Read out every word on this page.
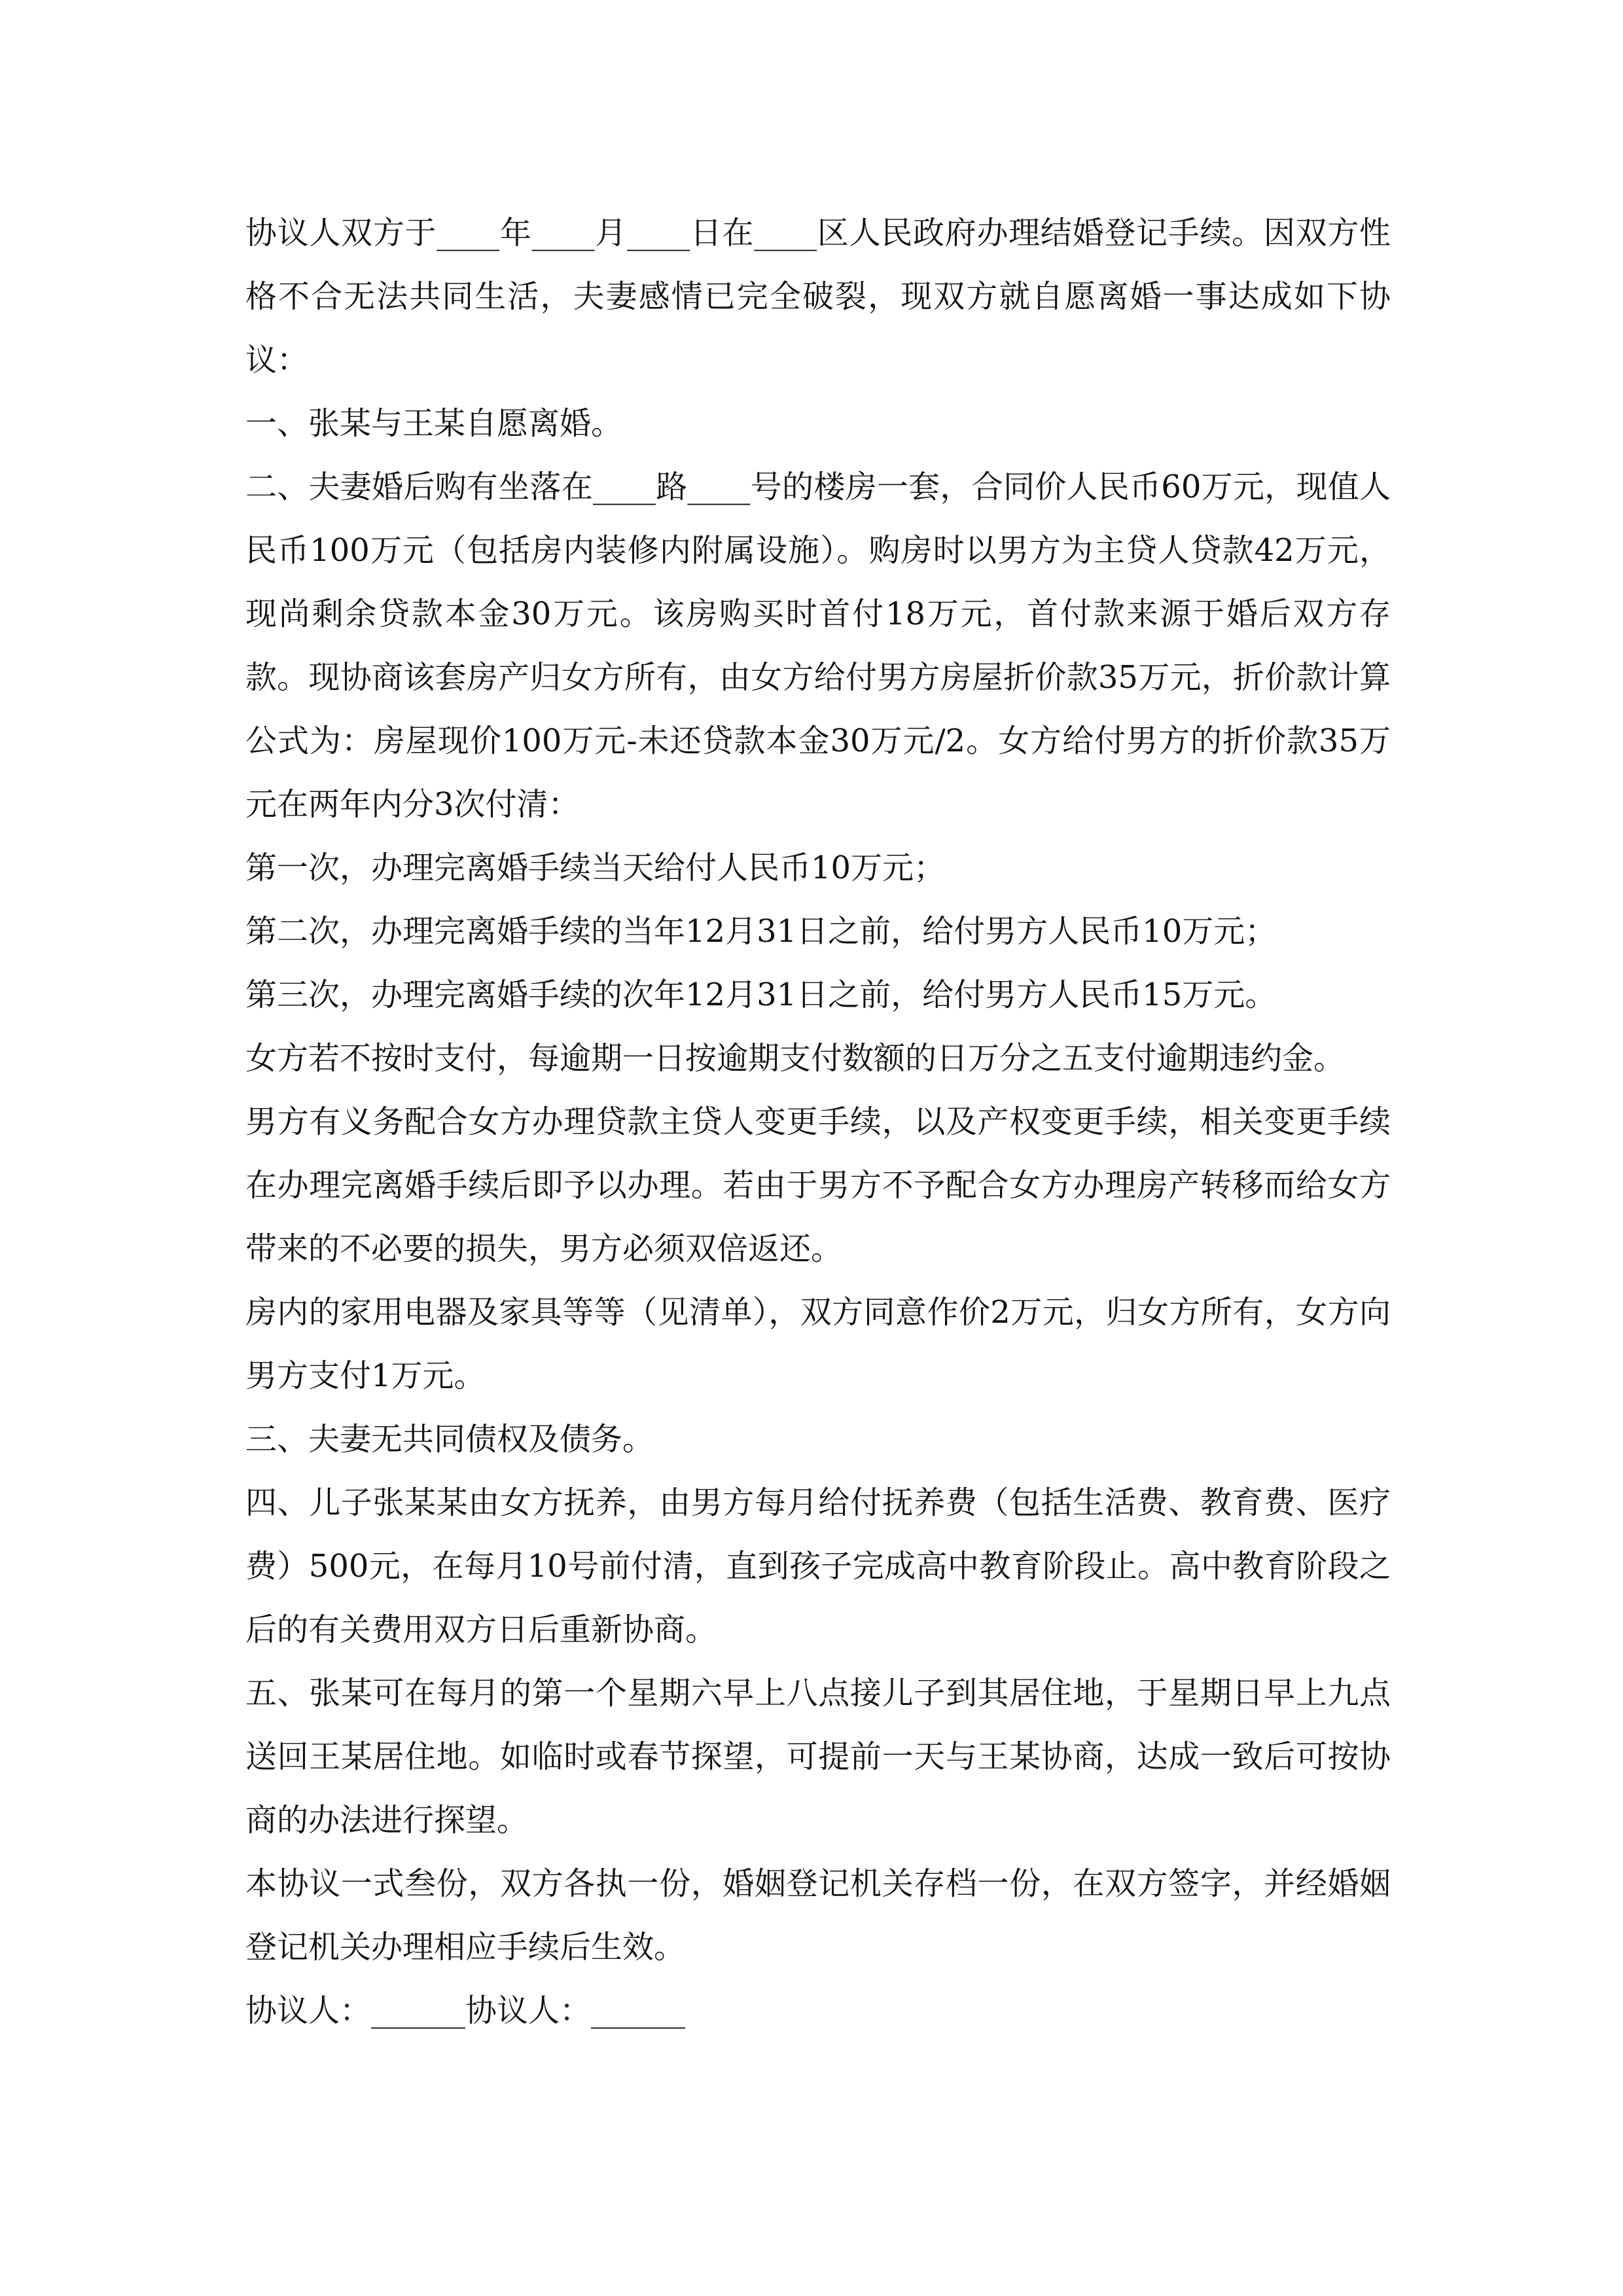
协议人双方于____年____月____日在____区人民政府办理结婚登记手续。因双方性格不合无法共同生活，夫妻感情已完全破裂，现双方就自愿离婚一事达成如下协议：

一、张某与王某自愿离婚。

二、夫妻婚后购有坐落在____路____号的楼房一套，合同价人民币60万元，现值人民币100万元（包括房内装修内附属设施）。购房时以男方为主贷人贷款42万元，现尚剩余贷款本金30万元。该房购买时首付18万元，首付款来源于婚后双方存款。现协商该套房产归女方所有，由女方给付男方房屋折价款35万元，折价款计算公式为：房屋现价100万元-未还贷款本金30万元/2。女方给付男方的折价款35万元在两年内分3次付清：

第一次，办理完离婚手续当天给付人民币10万元；

第二次，办理完离婚手续的当年12月31日之前，给付男方人民币10万元；

第三次，办理完离婚手续的次年12月31日之前，给付男方人民币15万元。

女方若不按时支付，每逾期一日按逾期支付数额的日万分之五支付逾期违约金。

男方有义务配合女方办理贷款主贷人变更手续，以及产权变更手续，相关变更手续在办理完离婚手续后即予以办理。若由于男方不予配合女方办理房产转移而给女方带来的不必要的损失，男方必须双倍返还。

房内的家用电器及家具等等（见清单），双方同意作价2万元，归女方所有，女方向男方支付1万元。

三、夫妻无共同债权及债务。

四、儿子张某某由女方抚养，由男方每月给付抚养费（包括生活费、教育费、医疗费）500元，在每月10号前付清，直到孩子完成高中教育阶段止。高中教育阶段之后的有关费用双方日后重新协商。

五、张某可在每月的第一个星期六早上八点接儿子到其居住地，于星期日早上九点送回王某居住地。如临时或春节探望，可提前一天与王某协商，达成一致后可按协商的办法进行探望。

本协议一式叁份，双方各执一份，婚姻登记机关存档一份，在双方签字，并经婚姻登记机关办理相应手续后生效。

协议人：______协议人：______
